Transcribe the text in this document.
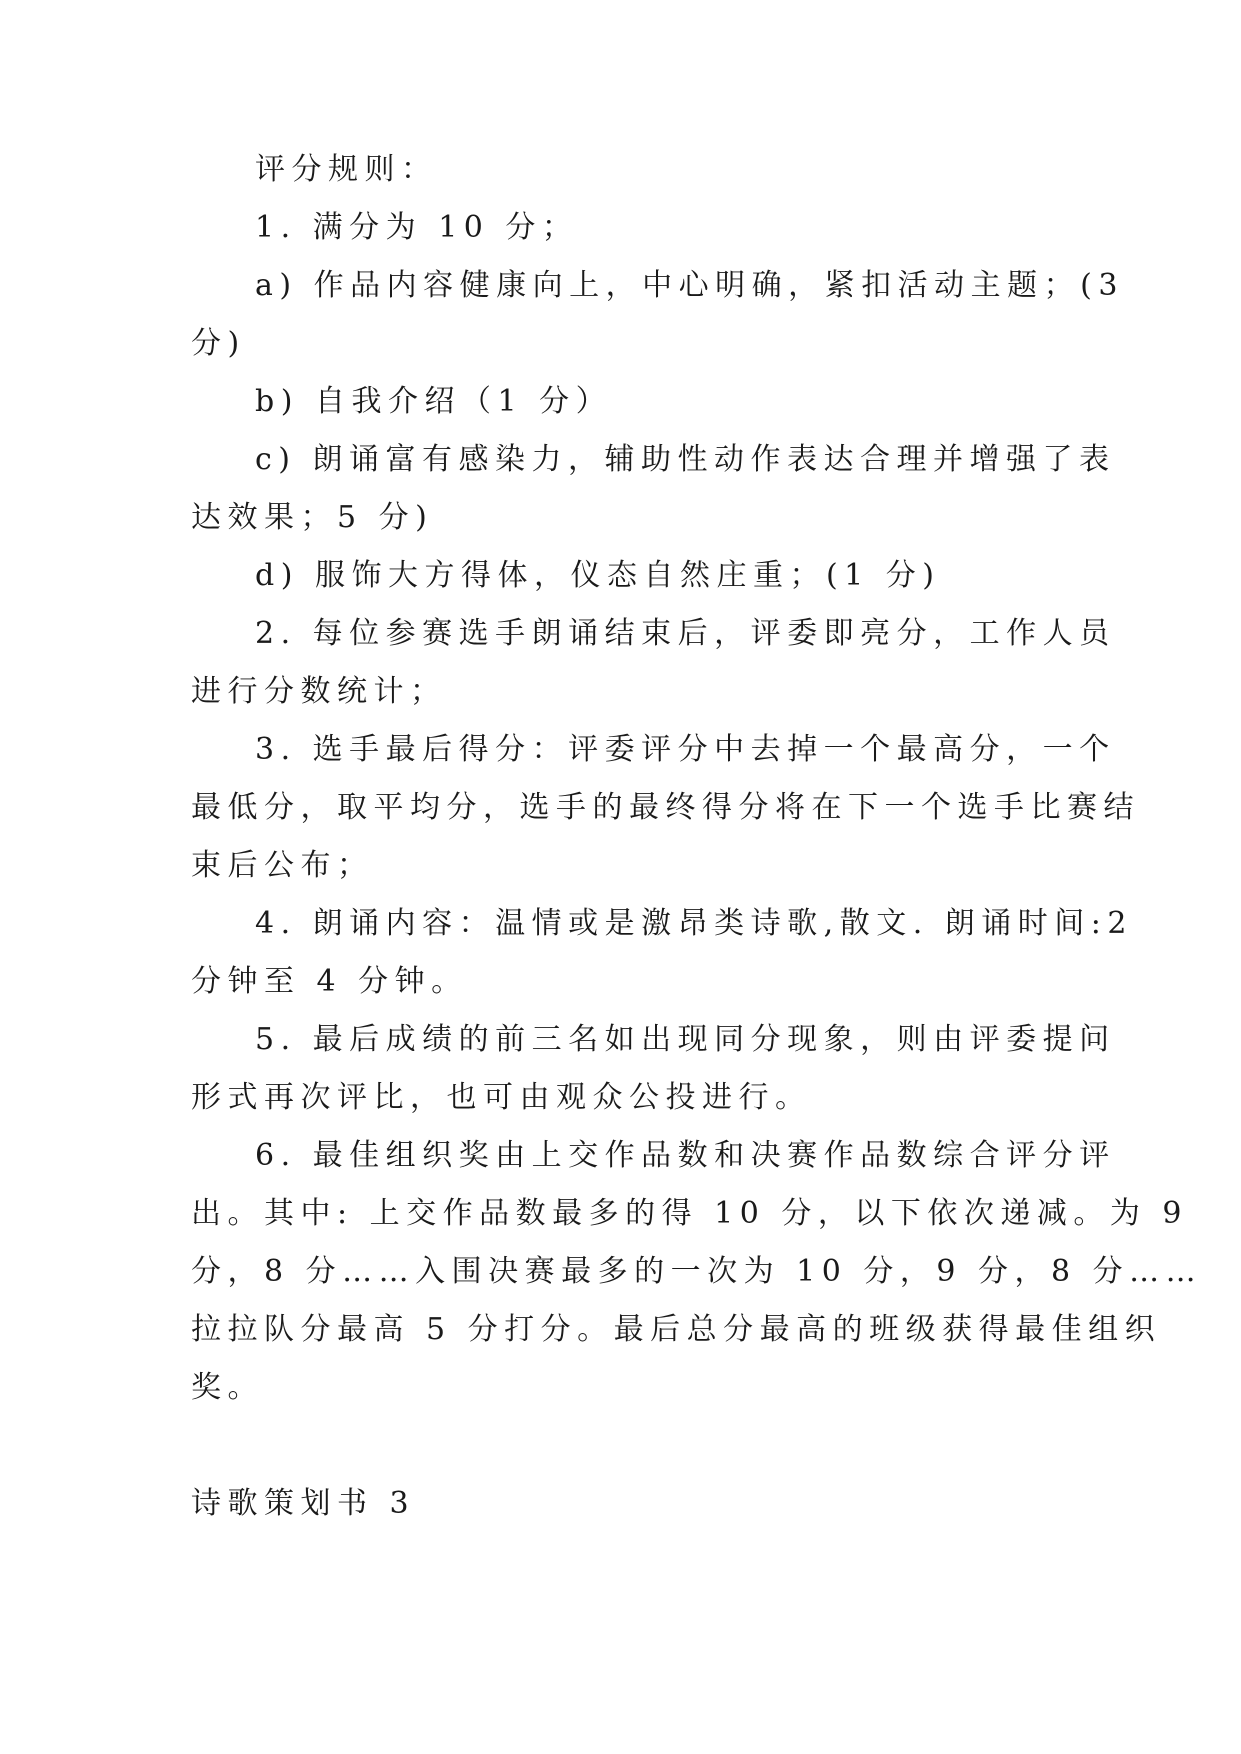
评分规则：
1. 满分为 10 分；
a) 作品内容健康向上，中心明确，紧扣活动主题；(3
分)
b) 自我介绍（1 分）
c) 朗诵富有感染力，辅助性动作表达合理并增强了表
达效果；5 分)
d) 服饰大方得体，仪态自然庄重；(1 分)
2. 每位参赛选手朗诵结束后，评委即亮分，工作人员
进行分数统计；
3. 选手最后得分：评委评分中去掉一个最高分，一个
最低分，取平均分，选手的最终得分将在下一个选手比赛结
束后公布；
4. 朗诵内容：温情或是激昂类诗歌,散文. 朗诵时间:2
分钟至 4 分钟。
5. 最后成绩的前三名如出现同分现象，则由评委提问
形式再次评比，也可由观众公投进行。
6. 最佳组织奖由上交作品数和决赛作品数综合评分评
出。其中: 上交作品数最多的得 10 分，以下依次递减。为 9
分，8 分……入围决赛最多的一次为 10 分，9 分，8 分……
拉拉队分最高 5 分打分。最后总分最高的班级获得最佳组织
奖。
诗歌策划书 3
